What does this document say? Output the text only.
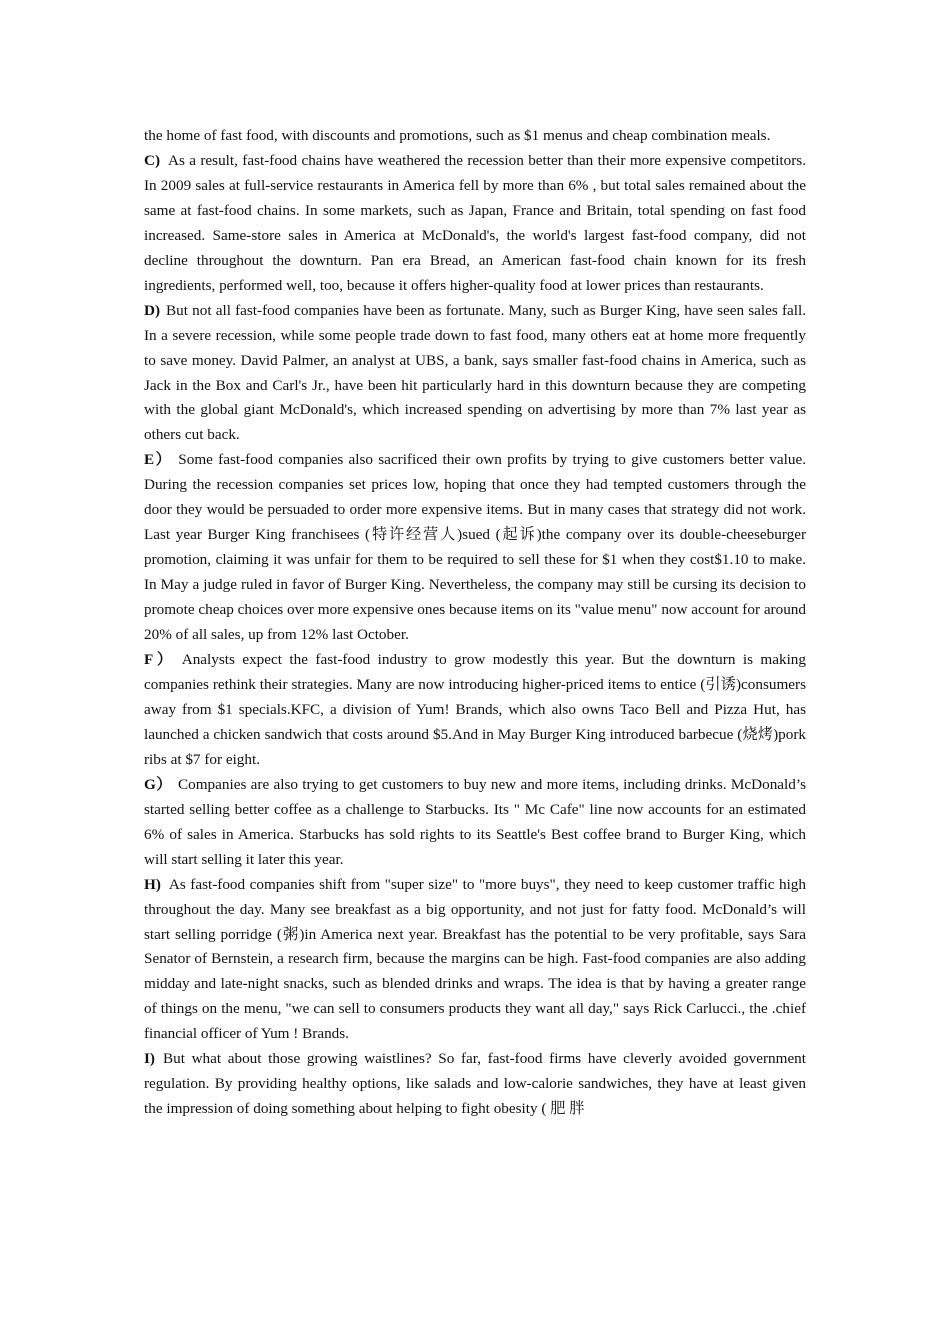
the home of fast food, with discounts and promotions, such as $1 menus and cheap combination meals.

C) As a result, fast-food chains have weathered the recession better than their more expensive competitors. In 2009 sales at full-service restaurants in America fell by more than 6% , but total sales remained about the same at fast-food chains. In some markets, such as Japan, France and Britain, total spending on fast food increased. Same-store sales in America at McDonald's, the world's largest fast-food company, did not decline throughout the downturn. Pan era Bread, an American fast-food chain known for its fresh ingredients, performed well, too, because it offers higher-quality food at lower prices than restaurants.

D) But not all fast-food companies have been as fortunate. Many, such as Burger King, have seen sales fall. In a severe recession, while some people trade down to fast food, many others eat at home more frequently to save money. David Palmer, an analyst at UBS, a bank, says smaller fast-food chains in America, such as Jack in the Box and Carl's Jr., have been hit particularly hard in this downturn because they are competing with the global giant McDonald's, which increased spending on advertising by more than 7% last year as others cut back.

E） Some fast-food companies also sacrificed their own profits by trying to give customers better value. During the recession companies set prices low, hoping that once they had tempted customers through the door they would be persuaded to order more expensive items. But in many cases that strategy did not work. Last year Burger King franchisees (特许经营人)sued (起诉)the company over its double-cheeseburger promotion, claiming it was unfair for them to be required to sell these for $1 when they cost$1.10 to make. In May a judge ruled in favor of Burger King. Nevertheless, the company may still be cursing its decision to promote cheap choices over more expensive ones because items on its "value menu" now account for around 20% of all sales, up from 12% last October.

F） Analysts expect the fast-food industry to grow modestly this year. But the downturn is making companies rethink their strategies. Many are now introducing higher-priced items to entice (引诱)consumers away from $1 specials.KFC, a division of Yum! Brands, which also owns Taco Bell and Pizza Hut, has launched a chicken sandwich that costs around $5.And in May Burger King introduced barbecue (烧烤)pork ribs at $7 for eight.

G） Companies are also trying to get customers to buy new and more items, including drinks. McDonald’s started selling better coffee as a challenge to Starbucks. Its " Mc Cafe" line now accounts for an estimated 6% of sales in America. Starbucks has sold rights to its Seattle's Best coffee brand to Burger King, which will start selling it later this year.

H) As fast-food companies shift from "super size" to "more buys", they need to keep customer traffic high throughout the day. Many see breakfast as a big opportunity, and not just for fatty food. McDonald’s will start selling porridge (粥)in America next year. Breakfast has the potential to be very profitable, says Sara Senator of Bernstein, a research firm, because the margins can be high. Fast-food companies are also adding midday and late-night snacks, such as blended drinks and wraps. The idea is that by having a greater range of things on the menu, "we can sell to consumers products they want all day," says Rick Carlucci., the .chief financial officer of Yum ! Brands.

I) But what about those growing waistlines? So far, fast-food firms have cleverly avoided government regulation. By providing healthy options, like salads and low-calorie sandwiches, they have at least given the impression of doing something about helping to fight obesity ( 肥 胖
